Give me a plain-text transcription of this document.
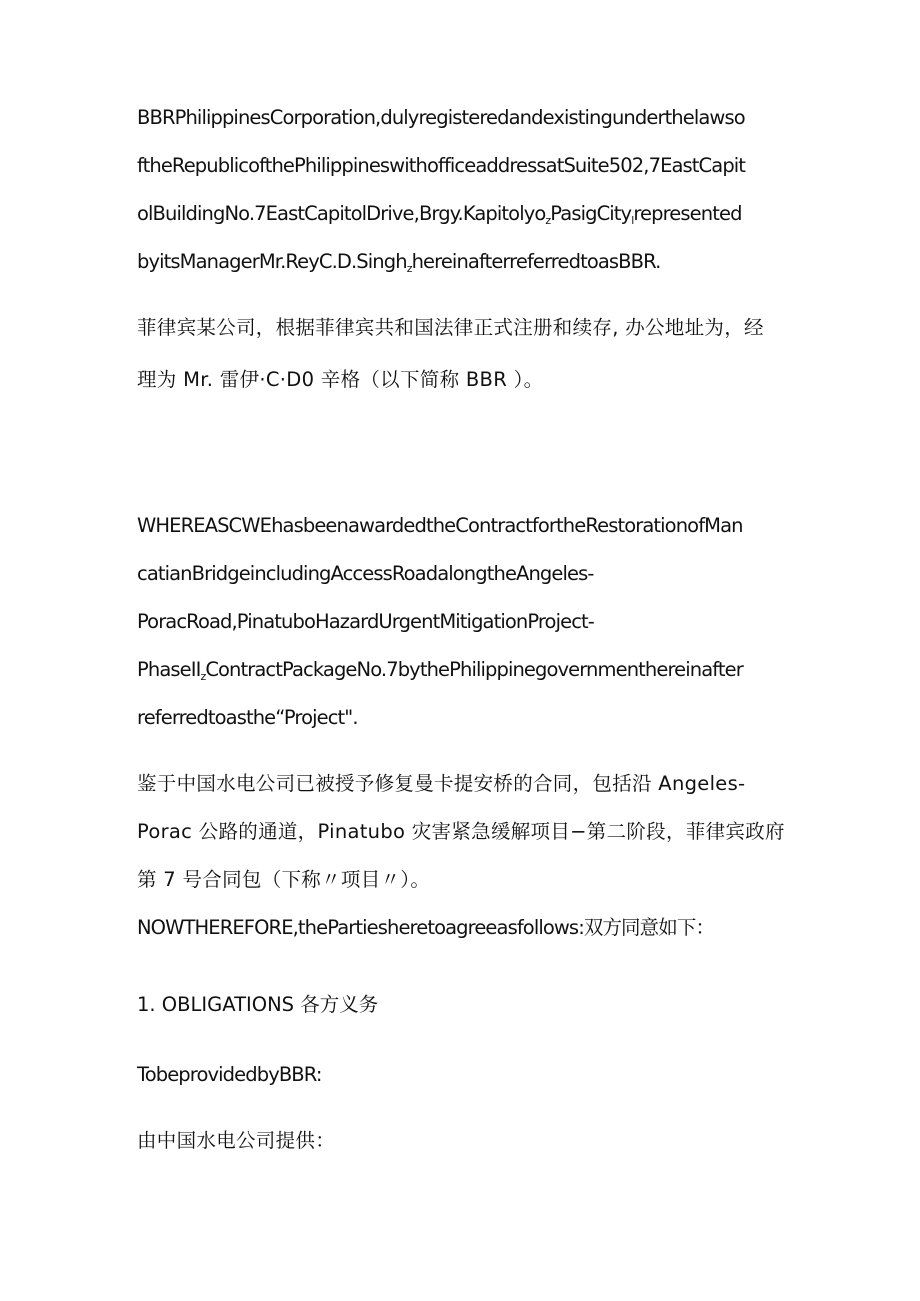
BBRPhilippinesCorporation,dulyregisteredandexistingunderthelawso
ftheRepublicofthePhilippineswithofficeaddressatSuite502,7EastCapit
olBuildingNo.7EastCapitolDrive,Brgy.Kapitolyo$_z$PasigCity$_l$represented
byitsManagerMr.ReyC.D.Singh$_z$hereinafterreferredtoasBBR.
菲律宾某公司，根据菲律宾共和国法律正式注册和续存, 办公地址为，经
理为 Mr. 雷伊·C·D0 辛格（以下简称 BBR ）。
WHEREASCWEhasbeenawardedtheContractfortheRestorationofMan
catianBridgeincludingAccessRoadalongtheAngeles-
PoracRoad,PinatuboHazardUrgentMitigationProject-
PhaseII$_z$ContractPackageNo.7bythePhilippinegovernmenthereinafter
referredtoasthe“Project".
鉴于中国水电公司已被授予修复曼卡提安桥的合同，包括沿 Angeles-
Porac 公路的通道，Pinatubo 灾害紧急缓解项目−第二阶段，菲律宾政府
第 7 号合同包（下称〃项目〃）。
NOWTHEREFORE,thePartiesheretoagreeasfollows:双方同意如下：
1. OBLIGATIONS 各方义务
TobeprovidedbyBBR:
由中国水电公司提供：
